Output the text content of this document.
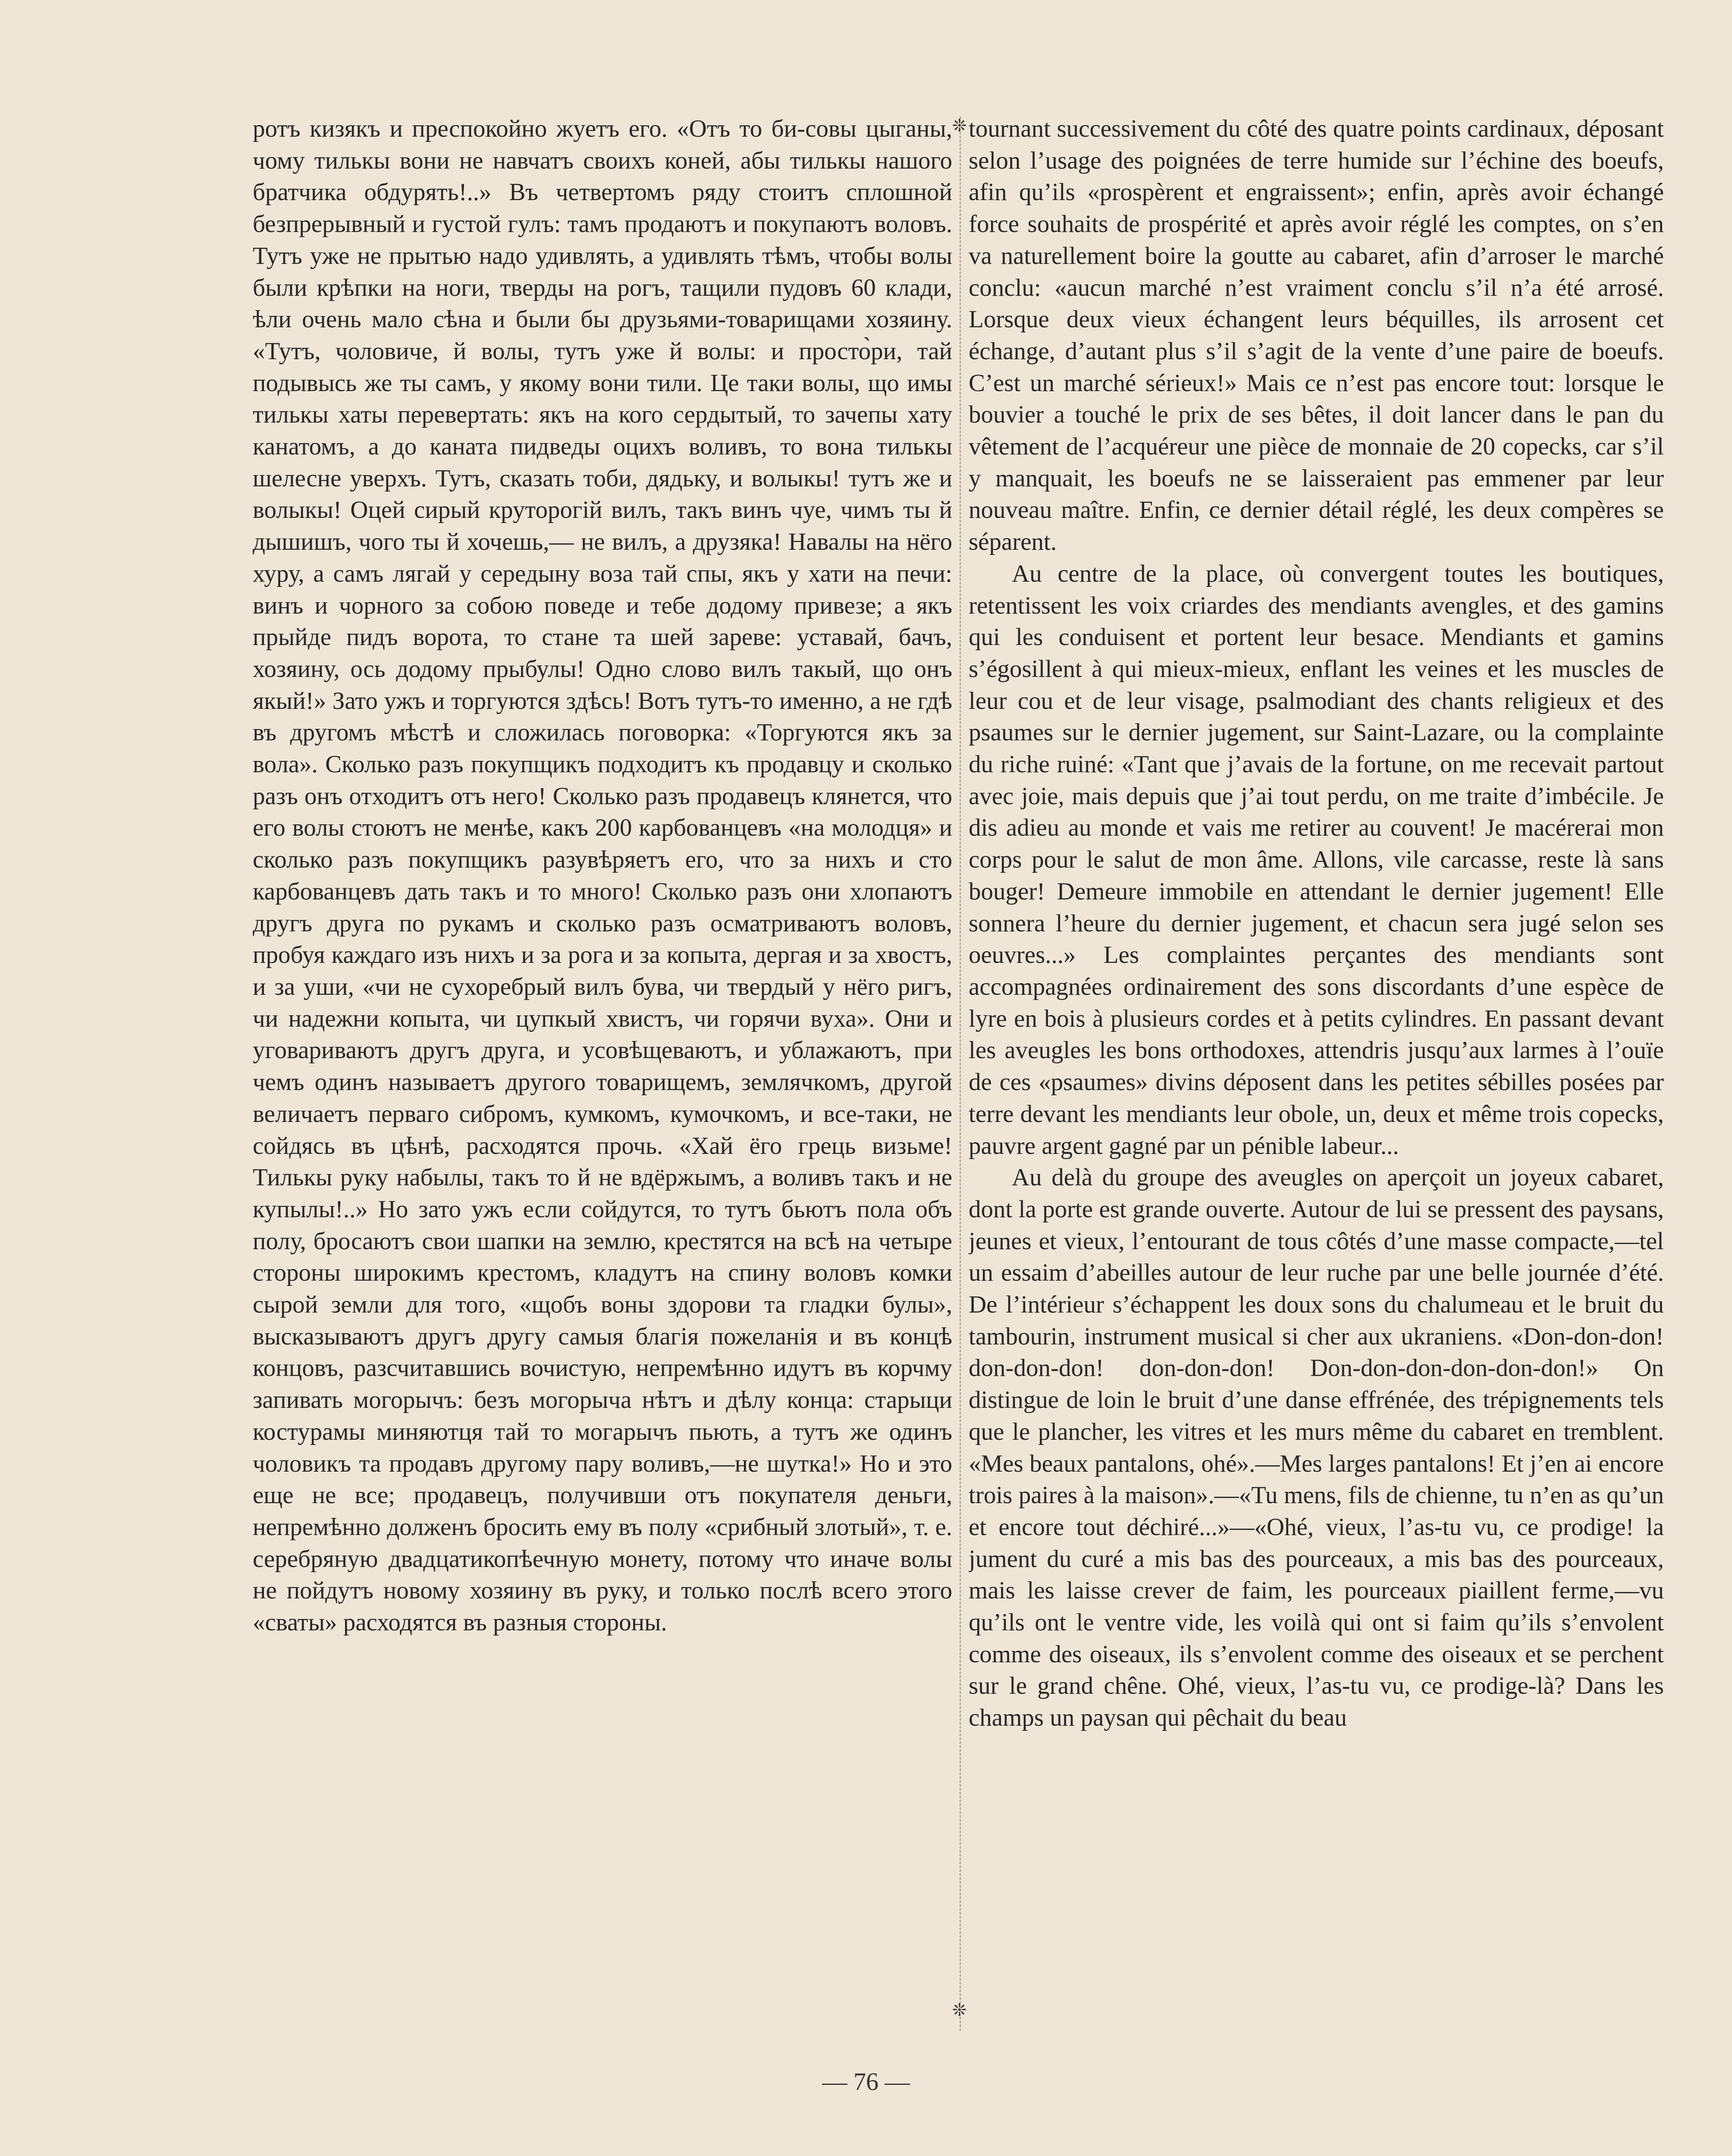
ротъ кизякъ и преспокойно жуетъ его. «Отъ то би-совы цыганы, чому тилькы вони не навчатъ своихъ коней, абы тилькы нашого братчика обдурять!..» Въ четвертомъ ряду стоитъ сплошной безпрерывный и густой гулъ: тамъ продаютъ и покупаютъ воловъ. Тутъ уже не прытью надо удивлять, а удивлять тѣмъ, чтобы волы были крѣпки на ноги, тверды на рогъ, тащили пудовъ 60 клади, ѣли очень мало сѣна и были бы друзьями-товарищами хозяину. «Тутъ, чоловиче, й волы, тутъ уже й волы: и просто̀ри, тай подывысь же ты самъ, у якому вони тили. Це таки волы, що имы тилькы хаты перевертать: якъ на кого сердытый, то зачепы хату канатомъ, а до каната пидведы оцихъ воливъ, то вона тилькы шелесне уверхъ. Тутъ, сказать тоби, дядьку, и волыкы! тутъ же и волыкы! Оцей сирый круторогій вилъ, такъ винъ чуе, чимъ ты й дышишъ, чого ты й хочешь,— не вилъ, а друзяка! Навалы на нёго хуру, а самъ лягай у середыну воза тай спы, якъ у хати на печи: винъ и чорного за собою поведе и тебе додому привезе; а якъ прыйде пидъ ворота, то стане та шей зареве: уставай, бачъ, хозяину, ось додому прыбулы! Одно слово вилъ такый, що онъ якый!» Зато ужъ и торгуются здѣсь! Вотъ тутъ-то именно, а не гдѣ въ другомъ мѣстѣ и сложилась поговорка: «Торгуются якъ за вола». Сколько разъ покупщикъ подходитъ къ продавцу и сколько разъ онъ отходитъ отъ него! Сколько разъ продавецъ клянется, что его волы стоютъ не менѣе, какъ 200 карбованцевъ «на молодця» и сколько разъ покупщикъ разувѣряетъ его, что за нихъ и сто карбованцевъ дать такъ и то много! Сколько разъ они хлопаютъ другъ друга по рукамъ и сколько разъ осматриваютъ воловъ, пробуя каждаго изъ нихъ и за рога и за копыта, дергая и за хвостъ, и за уши, «чи не сухоребрый вилъ бува, чи твердый у нёго ригъ, чи надежни копыта, чи цупкый хвистъ, чи горячи вуха». Они и уговариваютъ другъ друга, и усовѣщеваютъ, и ублажаютъ, при чемъ одинъ называетъ другого товарищемъ, землячкомъ, другой величаетъ первагo сибромъ, кумкомъ, кумочкомъ, и все-таки, не сойдясь въ цѣнѣ, расходятся прочь. «Хай ёго грець визьме! Тилькы руку набылы, такъ то й не вдёржымъ, а воливъ такъ и не купылы!..» Но зато ужъ если сойдутся, то тутъ бьютъ пола объ полу, бросаютъ свои шапки на землю, крестятся на всѣ на четыре стороны широкимъ крестомъ, кладутъ на спину воловъ комки сырой земли для того, «щобъ воны здорови та гладки булы», высказываютъ другъ другу самыя благія пожеланія и въ концѣ концовъ, разсчитавшись вочистую, непремѣнно идутъ въ корчму запивать могорычъ: безъ могорыча нѣтъ и дѣлу конца: старыци костурамы миняютця тай то могарычъ пьють, а тутъ же одинъ чоловикъ та продавъ другому пару воливъ,—не шутка!» Но и это еще не все; продавецъ, получивши отъ покупателя деньги, непремѣнно долженъ бросить ему въ полу «срибный злотый», т. е. серебряную двадцатикопѣечную монету, потому что иначе волы не пойдутъ новому хозяину въ руку, и только послѣ всего этого «сваты» расходятся въ разныя стороны.

❊
❊

tournant successivement du côté des quatre points cardinaux, déposant selon l’usage des poignées de terre humide sur l’échine des boeufs, afin qu’ils «prospèrent et engraissent»; enfin, après avoir échangé force souhaits de prospérité et après avoir réglé les comptes, on s’en va naturellement boire la goutte au cabaret, afin d’arroser le marché conclu: «aucun marché n’est vraiment conclu s’il n’a été arrosé. Lorsque deux vieux échangent leurs béquilles, ils arrosent cet échange, d’autant plus s’il s’agit de la vente d’une paire de boeufs. C’est un marché sérieux!» Mais ce n’est pas encore tout: lorsque le bouvier a touché le prix de ses bêtes, il doit lancer dans le pan du vêtement de l’acquéreur une pièce de monnaie de 20 copecks, car s’il y manquait, les boeufs ne se laisseraient pas emmener par leur nouveau maître. Enfin, ce dernier détail réglé, les deux compères se séparent.

Au centre de la place, où convergent toutes les boutiques, retentissent les voix criardes des mendiants avengles, et des gamins qui les conduisent et portent leur besace. Mendiants et gamins s’égosillent à qui mieux-mieux, enflant les veines et les muscles de leur cou et de leur visage, psalmodiant des chants religieux et des psaumes sur le dernier jugement, sur Saint-Lazare, ou la complainte du riche ruiné: «Tant que j’avais de la fortune, on me recevait partout avec joie, mais depuis que j’ai tout perdu, on me traite d’imbécile. Je dis adieu au monde et vais me retirer au couvent! Je macérerai mon corps pour le salut de mon âme. Allons, vile carcasse, reste là sans bouger! Demeure immobile en attendant le dernier jugement! Elle sonnera l’heure du dernier jugement, et chacun sera jugé selon ses oeuvres...» Les complaintes perçantes des mendiants sont accompagnées ordinairement des sons discordants d’une espèce de lyre en bois à plusieurs cordes et à petits cylindres. En passant devant les aveugles les bons orthodoxes, attendris jusqu’aux larmes à l’ouïe de ces «psaumes» divins déposent dans les petites sébilles posées par terre devant les mendiants leur obole, un, deux et même trois copecks, pauvre argent gagné par un pénible labeur...

Au delà du groupe des aveugles on aperçoit un joyeux cabaret, dont la porte est grande ouverte. Autour de lui se pressent des paysans, jeunes et vieux, l’entourant de tous côtés d’une masse compacte,—tel un essaim d’abeilles autour de leur ruche par une belle journée d’été. De l’intérieur s’échappent les doux sons du chalumeau et le bruit du tambourin, instrument musical si cher aux ukraniens. «Don-don-don! don-don-don! don-don-don! Don-don-don-don-don-don!» On distingue de loin le bruit d’une danse effrénée, des trépignements tels que le plancher, les vitres et les murs même du cabaret en tremblent. «Mes beaux pantalons, ohé».—Mes larges pantalons! Et j’en ai encore trois paires à la maison».—«Tu mens, fils de chienne, tu n’en as qu’un et encore tout déchiré...»—«Ohé, vieux, l’as-tu vu, ce prodige! la jument du curé a mis bas des pourceaux, a mis bas des pourceaux, mais les laisse crever de faim, les pourceaux piaillent ferme,—vu qu’ils ont le ventre vide, les voilà qui ont si faim qu’ils s’envolent comme des oiseaux, ils s’envolent comme des oiseaux et se perchent sur le grand chêne. Ohé, vieux, l’as-tu vu, ce prodige-là? Dans les champs un paysan qui pêchait du beau

— 76 —
